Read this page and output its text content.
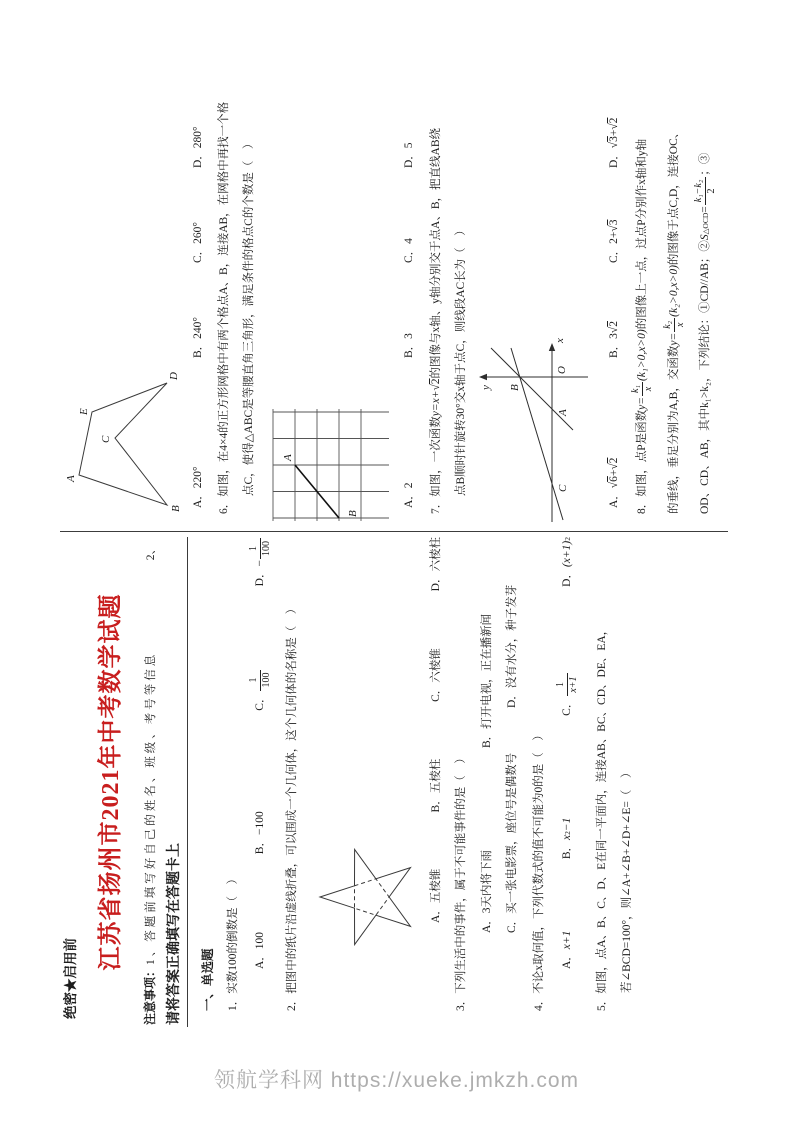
绝密★启用前
江苏省扬州市2021年中考数学试题
注意事项：
1、答题前填写好自己的姓名、班级、考号等信息
2、
请将答案正确填写在答题卡上 一、单选题 1．实数100的倒数是（　） A．
100
B．
−100
C．
1 100
D．
−
1 100
2．把图中的纸片沿虚线折叠，可以围成一个几何体，这个几何体的名称是（　）	A．五棱锥
B．五棱柱
C．六棱锥
D．六棱柱
3．下列生活中的事件，属于不可能事件的是（　） A．3天内将下雨
B．打开电视，正在播新闻
C．买一张电影票，座位号是偶数号
D．没有水分，种子发芽
4．不论x取何值，下列代数式的值不可能为0的是（　） A．
x+1
B．
x
2
−1
C．
1 x+1
D．
(x+1)
2
5．如图，点A、B、C、D、E在同一平面内，连接AB、BC、CD、DE、EA， 若∠BCD=100°，则∠A+∠B+∠D+∠E=（　）
A
B
C
D
E
A．220°
B．240°
C．260°
D．280° 6．如图，在4×4的正方形网格中有两个格点A、B，连接AB，在网格中再找一个格 点C，使得△ABC是等腰直角三角形，满足条件的格点C的个数是（　） A
B
A．2
B．3
C．4
D．5
7．如图，一次函数y=x+√2的图像与x轴、y轴分别交于点A、B，把直线AB绕 点B顺时针旋转30°交x轴于点C，则线段AC长为（　）	x
y
O
A
B
C	A．
√
6
+
√
2
B．
3
√
2
C．
2+
√
3
D．
√
3
+
√
2
8．如图，点P是函数
y=
k₁ x
(k₁>0,x>0)
的图像上一点，过点P分别作x轴和y轴
的垂线，垂足分别为A,B，交函数
y=
k₂ x
(k₂>0,x>0)
的图像于点C,D，连接OC、
OD、CD、AB，其中k₁>k₂，下列结论：①CD//AB；②
S
△OCD
=
k₁−k₂ 2
；③
领航学科网 https://xueke.jmkzh.com
